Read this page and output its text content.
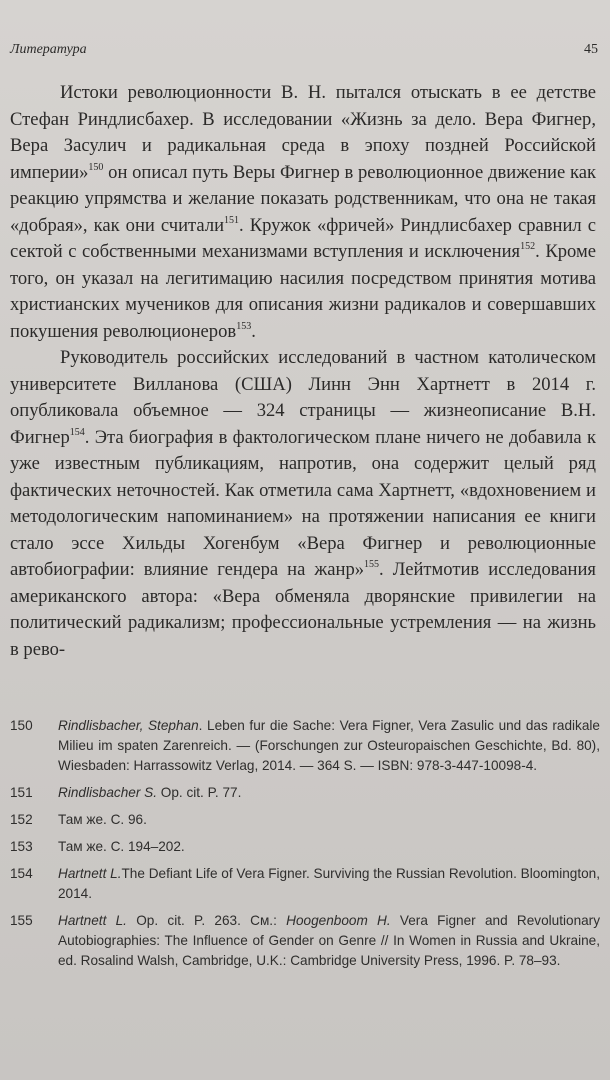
Литература	45

Истоки революционности В. Н. пытался отыскать в ее детстве Стефан Риндлисбахер. В исследовании «Жизнь за дело. Вера Фигнер, Вера Засулич и радикальная среда в эпоху поздней Российской империи»$^{150}$ он описал путь Веры Фигнер в революционное движение как реакцию упрямства и желание показать родственникам, что она не такая «добрая», как они считали$^{151}$. Кружок «фричей» Риндлисбахер сравнил с сектой с собственными механизмами вступления и исключения$^{152}$. Кроме того, он указал на легитимацию насилия посредством принятия мотива христианских мучеников для описания жизни радикалов и совершавших покушения революционеров$^{153}$.

Руководитель российских исследований в частном католическом университете Вилланова (США) Линн Энн Хартнетт в 2014 г. опубликовала объемное — 324 страницы — жизнеописание В.Н. Фигнер$^{154}$. Эта биография в фактологическом плане ничего не добавила к уже известным публикациям, напротив, она содержит целый ряд фактических неточностей. Как отметила сама Хартнетт, «вдохновением и методологическим напоминанием» на протяжении написания ее книги стало эссе Хильды Хогенбум «Вера Фигнер и революционные автобиографии: влияние гендера на жанр»$^{155}$. Лейтмотив исследования американского автора: «Вера обменяла дворянские привилегии на политический радикализм; профессиональные устремления — на жизнь в рево-

150	Rindlisbacher, Stephan. Leben fur die Sache: Vera Figner, Vera Zasulic und das radikale Milieu im spaten Zarenreich. — (Forschungen zur Osteuropaischen Geschichte, Bd. 80), Wiesbaden: Harrassowitz Verlag, 2014. — 364 S. — ISBN: 978-3-447-10098-4.
151	Rindlisbacher S. Op. cit. P. 77.
152	Там же. С. 96.
153	Там же. С. 194–202.
154	Hartnett L.The Defiant Life of Vera Figner. Surviving the Russian Revolution. Bloomington, 2014.
155	Hartnett L. Op. cit. P. 263. См.: Hoogenboom H. Vera Figner and Revolutionary Autobiographies: The Influence of Gender on Genre // In Women in Russia and Ukraine, ed. Rosalind Walsh, Cambridge, U.K.: Cambridge University Press, 1996. P. 78–93.
